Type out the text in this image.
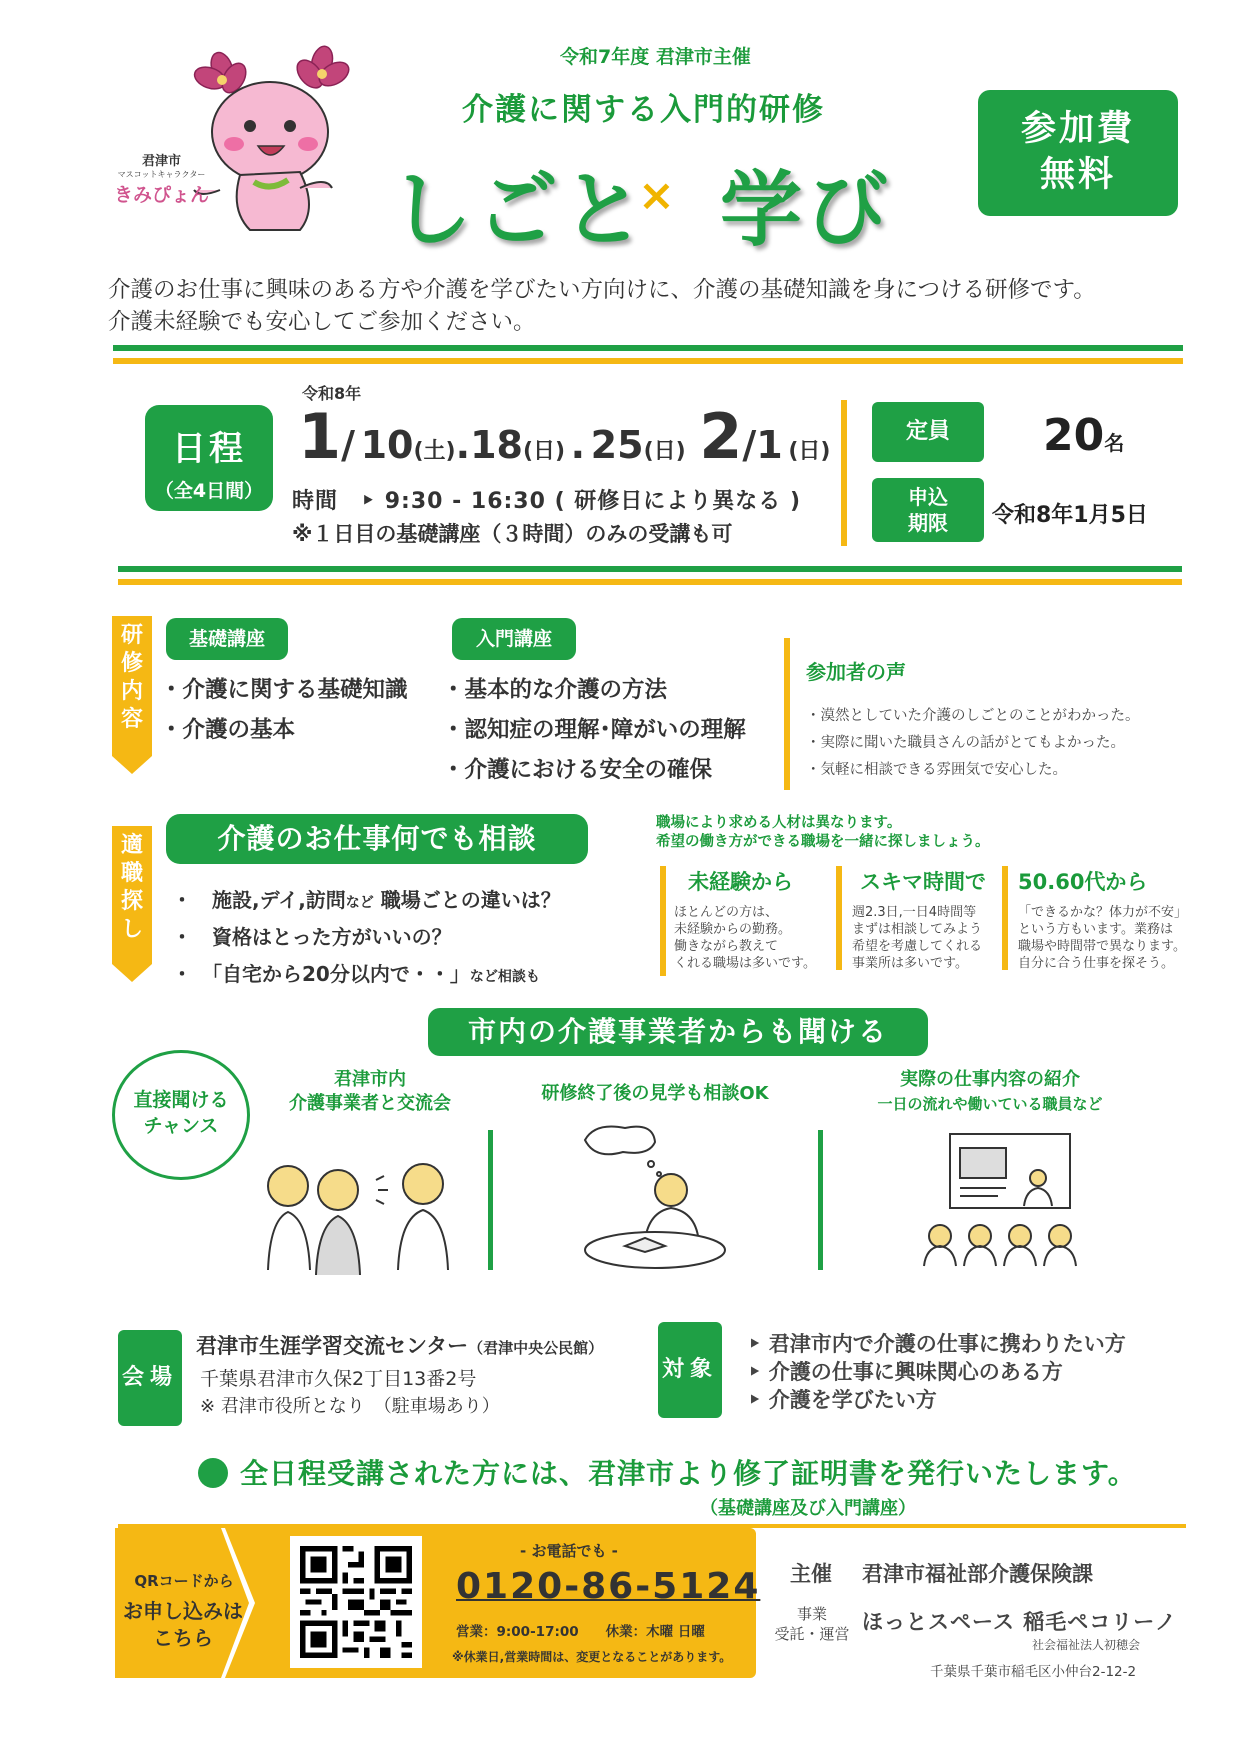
君津市
マスコットキャラクター
きみぴょん
令和7年度 君津市主催
介護に関する入門的研修
しごと
× 学び
参加費
無料
介護のお仕事に興味のある方や介護を学びたい方向けに、介護の基礎知識を身につける研修です。
介護未経験でも安心してご参加ください。
日程
（全4日間）
令和8年
1/ 10(土).18(日) . 25(日) 2/1 (日)
時間　‣ 9:30 - 16:30 ( 研修日により異なる )
※１日目の基礎講座（３時間）のみの受講も可
定員	20名
申込
期限	令和8年1月5日
研
修
内
容
基礎講座
・介護に関する基礎知識
・介護の基本
入門講座
・基本的な介護の方法
・認知症の理解･障がいの理解
・介護における安全の確保
参加者の声
・漠然としていた介護のしごとのことがわかった。
・実際に聞いた職員さんの話がとてもよかった。
・気軽に相談できる雰囲気で安心した。
適
職
探
し
介護のお仕事何でも相談
・　施設,デイ,訪問など 職場ごとの違いは？
・　資格はとった方がいいの？
・　「自宅から20分以内で・・」など相談も
職場により求める人材は異なります。
希望の働き方ができる職場を一緒に探しましょう。
未経験から
ほとんどの方は、
未経験からの勤務。
働きながら教えて
くれる職場は多いです。
スキマ時間で
週2.3日,一日4時間等
まずは相談してみよう
希望を考慮してくれる
事業所は多いです。
50.60代から
「できるかな？体力が不安」
という方もいます。業務は
職場や時間帯で異なります。
自分に合う仕事を探そう。
市内の介護事業者からも聞ける
直接聞ける
チャンス
君津市内
介護事業者と交流会	研修終了後の見学も相談OK
実際の仕事内容の紹介
一日の流れや働いている職員など
会場
君津市生涯学習交流センター（君津中央公民館）
千葉県君津市久保2丁目13番2号
※ 君津市役所となり　（駐車場あり）
対象
‣ 君津市内で介護の仕事に携わりたい方
‣ 介護の仕事に興味関心のある方
‣ 介護を学びたい方
全日程受講された方には、君津市より修了証明書を発行いたします。
（基礎講座及び入門講座）
QRコードから
お申し込みは
こちら
- お電話でも -
0120-86-5124
営業：9:00-17:00　　 休業：木曜 日曜
※休業日,営業時間は、変更となることがあります。
主催 君津市福祉部介護保険課
事業
受託・運営 ほっとスペース 稲毛ペコリーノ
社会福祉法人初穂会
千葉県千葉市稲毛区小仲台2-12-2
